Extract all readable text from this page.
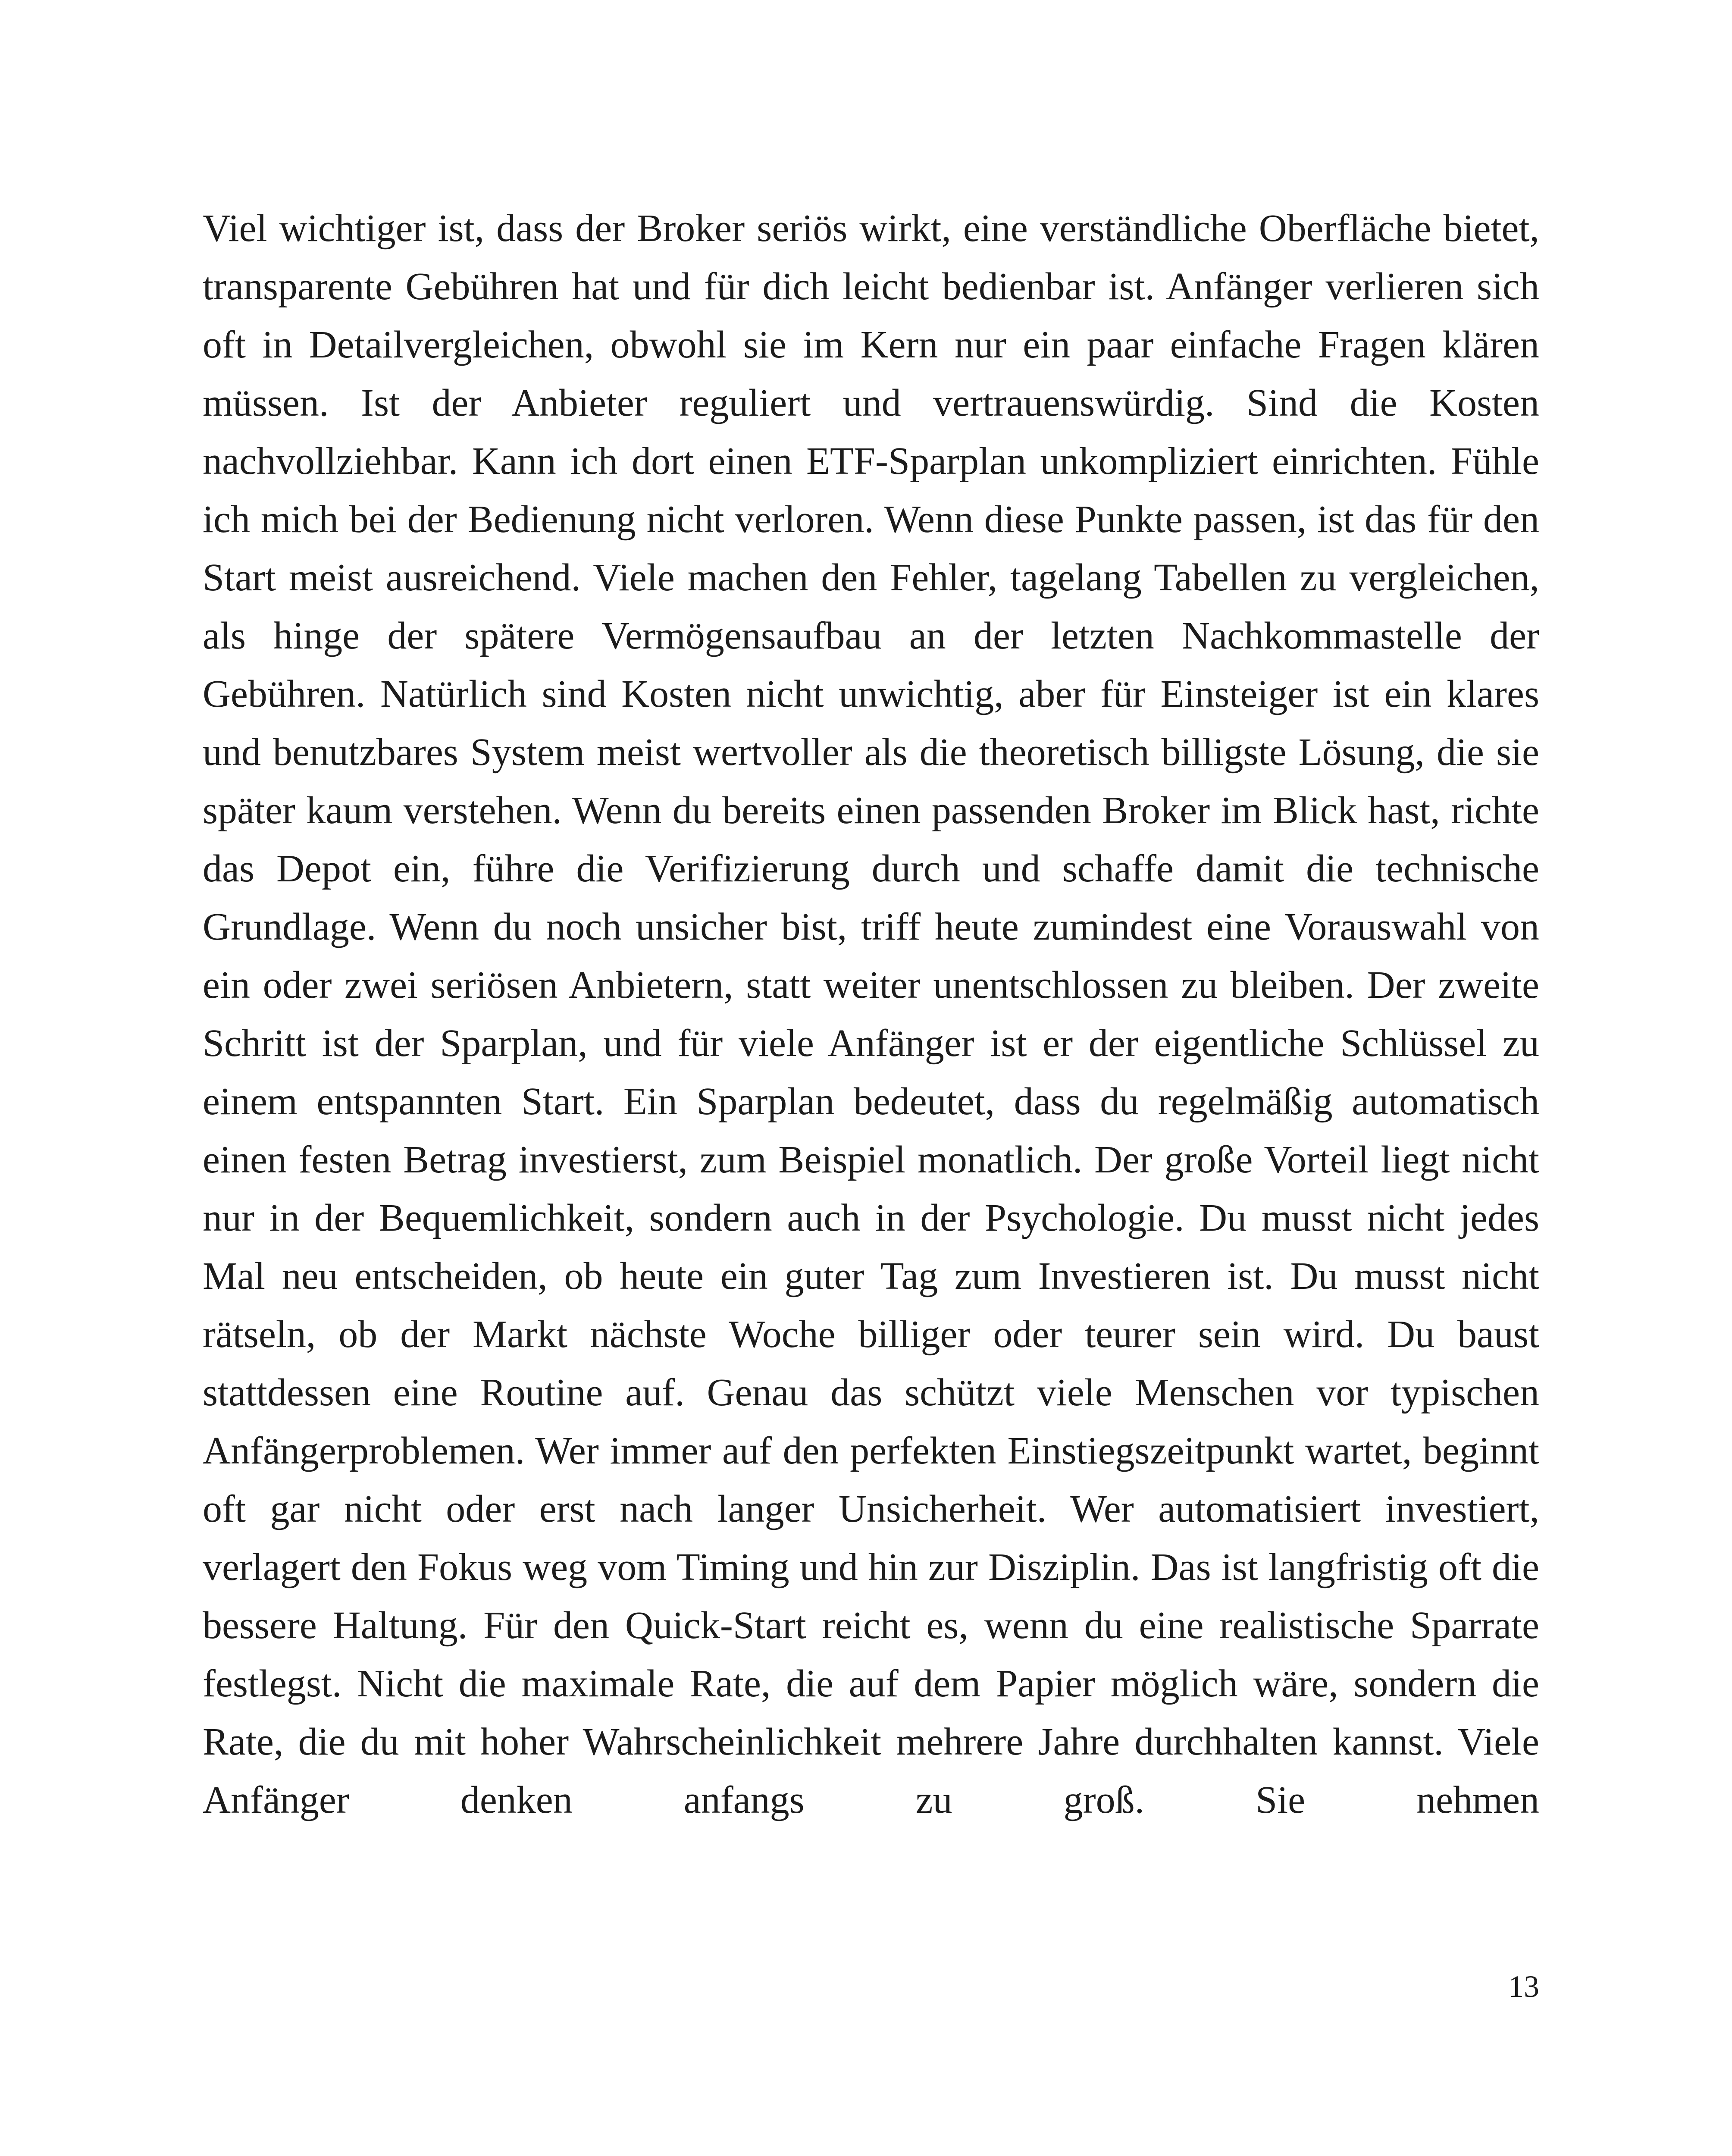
Viel wichtiger ist, dass der Broker seriös wirkt, eine verständliche Oberfläche bietet, transparente Gebühren hat und für dich leicht bedienbar ist. Anfänger verlieren sich oft in Detailvergleichen, obwohl sie im Kern nur ein paar einfache Fragen klären müssen. Ist der Anbieter reguliert und vertrauenswürdig. Sind die Kosten nachvollziehbar. Kann ich dort einen ETF-Sparplan unkompliziert einrichten. Fühle ich mich bei der Bedienung nicht verloren. Wenn diese Punkte passen, ist das für den Start meist ausreichend. Viele machen den Fehler, tagelang Tabellen zu vergleichen, als hinge der spätere Vermögensaufbau an der letzten Nachkommastelle der Gebühren. Natürlich sind Kosten nicht unwichtig, aber für Einsteiger ist ein klares und benutzbares System meist wertvoller als die theoretisch billigste Lösung, die sie später kaum verstehen. Wenn du bereits einen passenden Broker im Blick hast, richte das Depot ein, führe die Verifizierung durch und schaffe damit die technische Grundlage. Wenn du noch unsicher bist, triff heute zumindest eine Vorauswahl von ein oder zwei seriösen Anbietern, statt weiter unentschlossen zu bleiben. Der zweite Schritt ist der Sparplan, und für viele Anfänger ist er der eigentliche Schlüssel zu einem entspannten Start. Ein Sparplan bedeutet, dass du regelmäßig automatisch einen festen Betrag investierst, zum Beispiel monatlich. Der große Vorteil liegt nicht nur in der Bequemlichkeit, sondern auch in der Psychologie. Du musst nicht jedes Mal neu entscheiden, ob heute ein guter Tag zum Investieren ist. Du musst nicht rätseln, ob der Markt nächste Woche billiger oder teurer sein wird. Du baust stattdessen eine Routine auf. Genau das schützt viele Menschen vor typischen Anfängerproblemen. Wer immer auf den perfekten Einstiegszeitpunkt wartet, beginnt oft gar nicht oder erst nach langer Unsicherheit. Wer automatisiert investiert, verlagert den Fokus weg vom Timing und hin zur Disziplin. Das ist langfristig oft die bessere Haltung. Für den Quick-Start reicht es, wenn du eine realistische Sparrate festlegst. Nicht die maximale Rate, die auf dem Papier möglich wäre, sondern die Rate, die du mit hoher Wahrscheinlichkeit mehrere Jahre durchhalten kannst. Viele Anfänger denken anfangs zu groß. Sie nehmen

13
